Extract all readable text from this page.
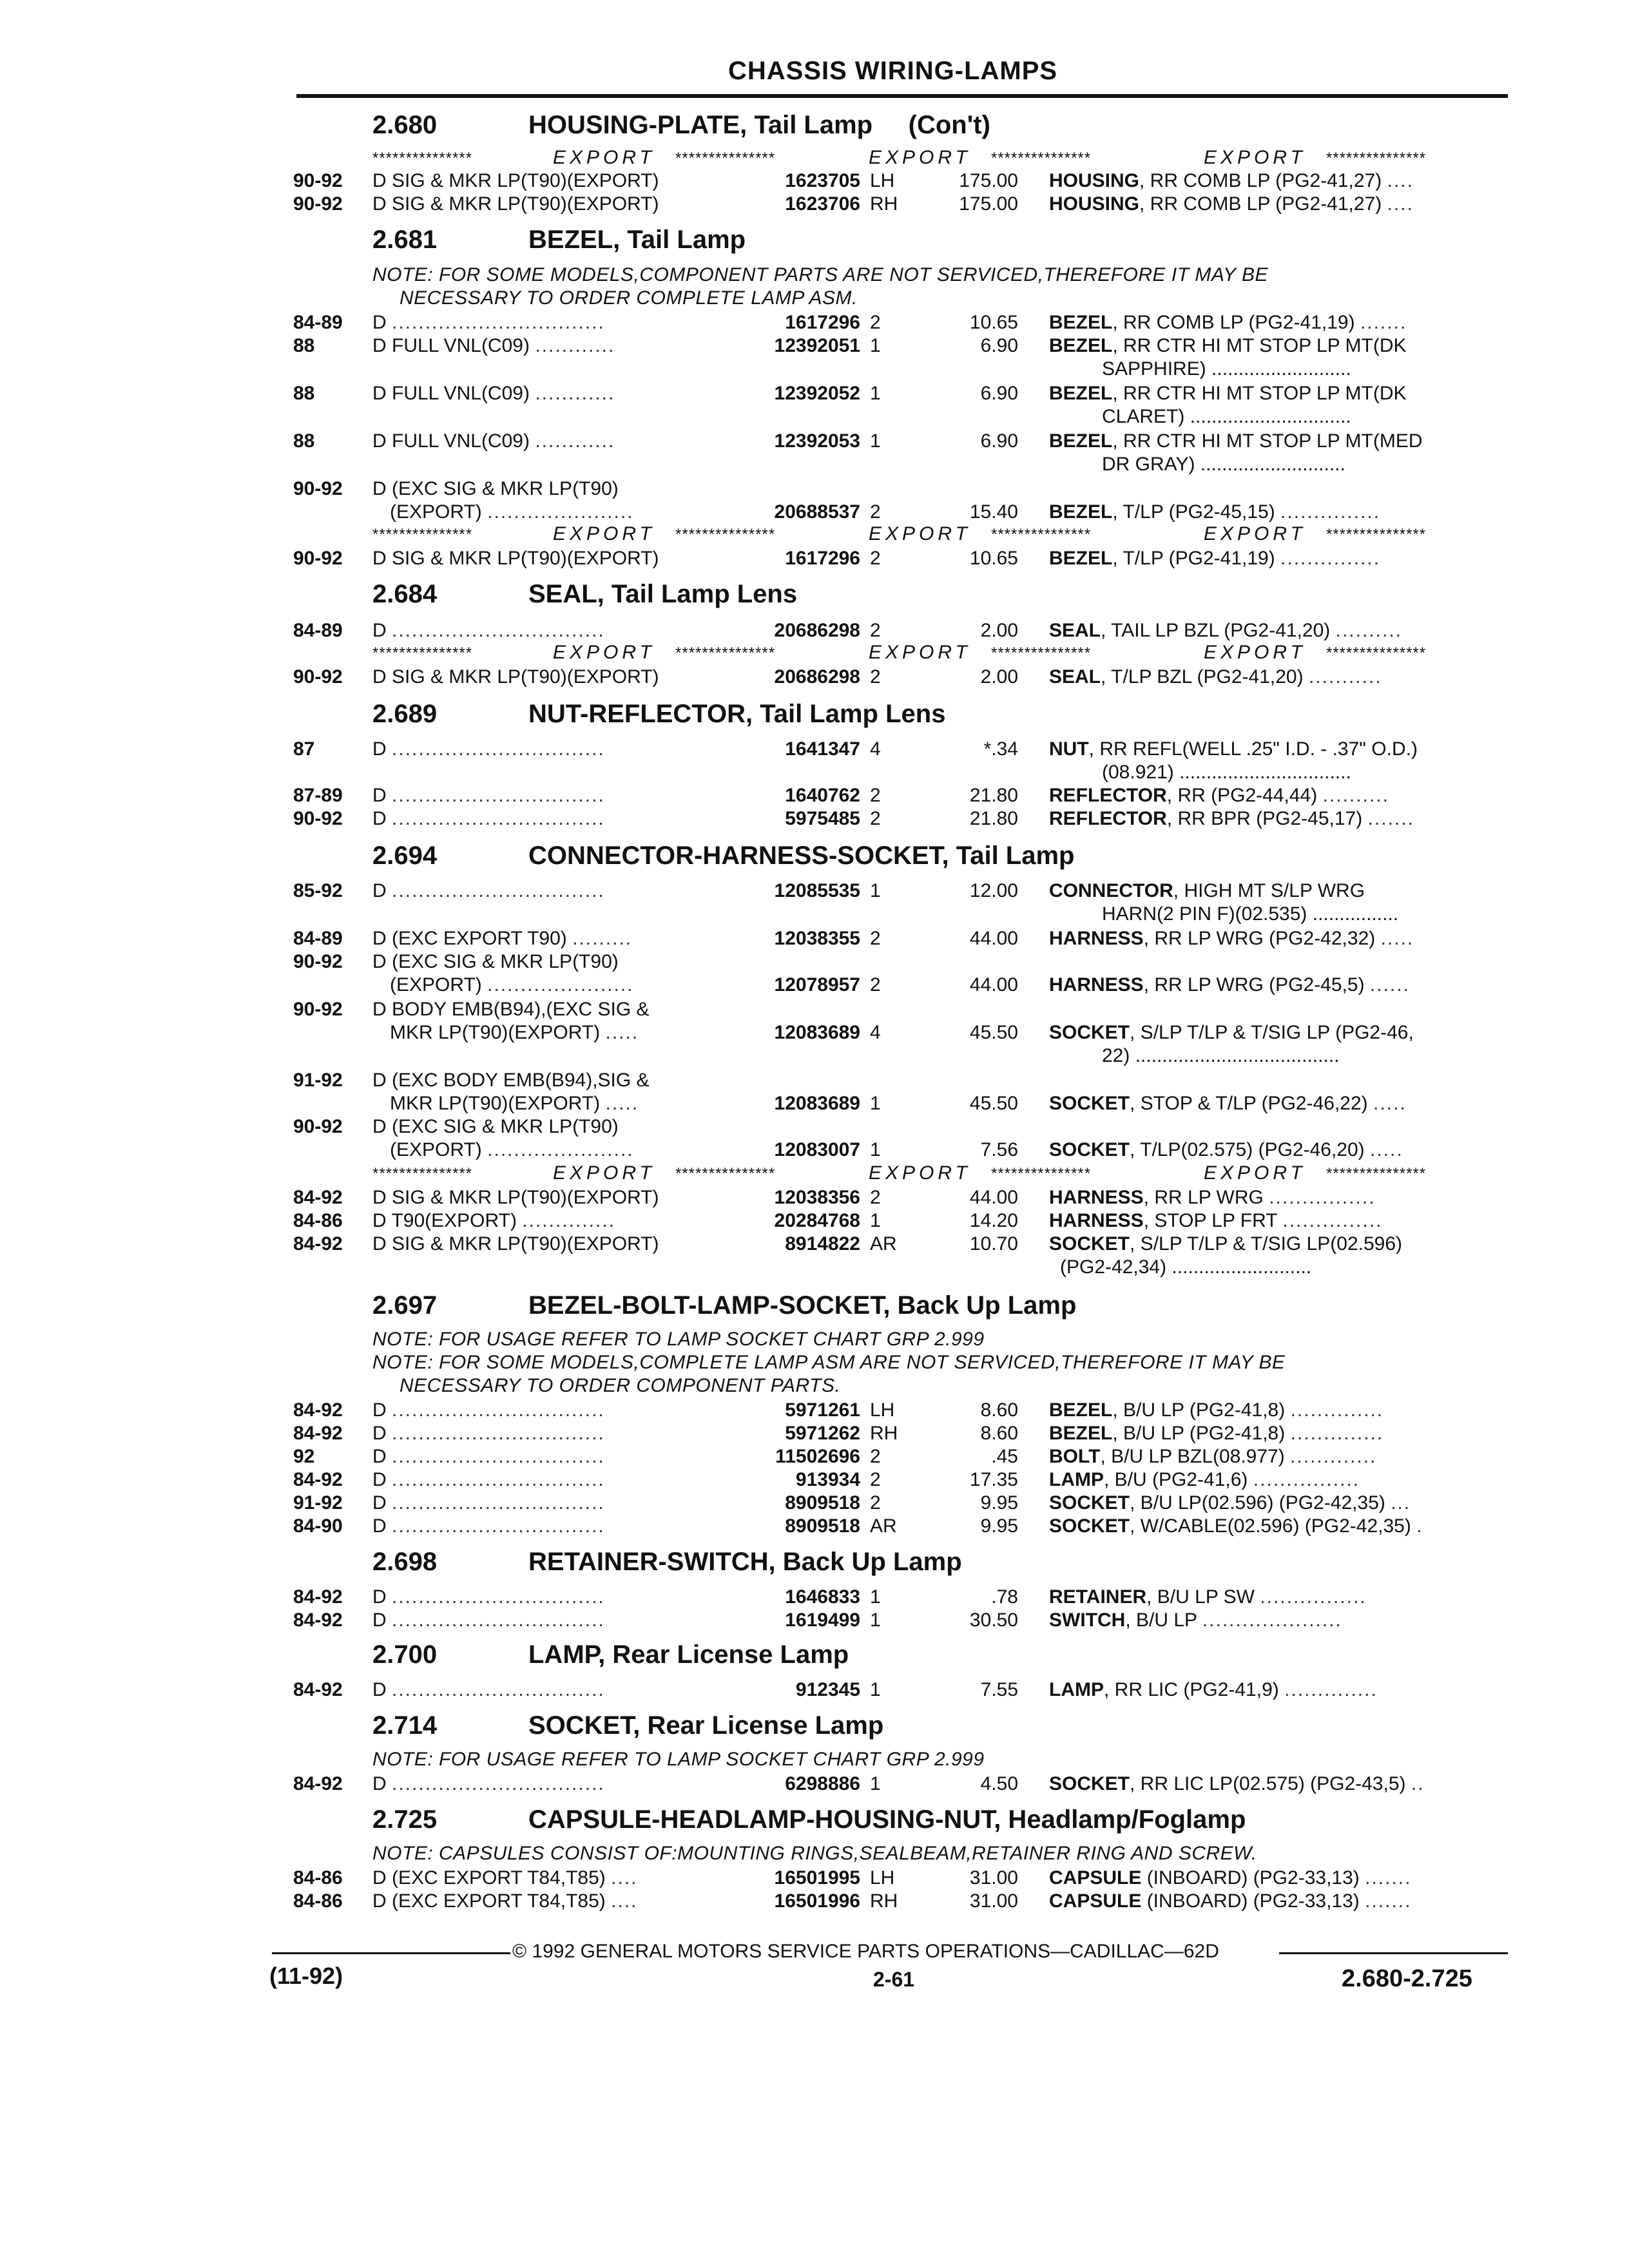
CHASSIS WIRING-LAMPS
2.680	HOUSING-PLATE, Tail Lamp     (Con't)
***************	EXPORT ***************	EXPORT ***************	EXPORT ***************
90-92 D SIG & MKR LP(T90)(EXPORT)	1623705 LH	175.00 HOUSING, RR COMB LP (PG2-41,27) ....
90-92 D SIG & MKR LP(T90)(EXPORT)	1623706 RH	175.00 HOUSING, RR COMB LP (PG2-41,27) ....
2.681	BEZEL, Tail Lamp
NOTE: FOR SOME MODELS,COMPONENT PARTS ARE NOT SERVICED,THEREFORE IT MAY BE
NECESSARY TO ORDER COMPLETE LAMP ASM.
84-89 D ................................	1617296 2	10.65 BEZEL, RR COMB LP (PG2-41,19) .......
88	D FULL VNL(C09) ............	12392051 1	6.90 BEZEL, RR CTR HI MT STOP LP MT(DK
SAPPHIRE) ..........................
88	D FULL VNL(C09) ............	12392052 1	6.90 BEZEL, RR CTR HI MT STOP LP MT(DK
CLARET) ..............................
88	D FULL VNL(C09) ............	12392053 1	6.90 BEZEL, RR CTR HI MT STOP LP MT(MED
DR GRAY) ...........................
90-92 D (EXC SIG & MKR LP(T90)
(EXPORT) ......................	20688537 2	15.40 BEZEL, T/LP (PG2-45,15) ...............
***************	EXPORT ***************	EXPORT ***************	EXPORT ***************
90-92 D SIG & MKR LP(T90)(EXPORT)	1617296 2	10.65 BEZEL, T/LP (PG2-41,19) ...............
2.684	SEAL, Tail Lamp Lens
84-89 D ................................	20686298 2	2.00 SEAL, TAIL LP BZL (PG2-41,20) ..........
***************	EXPORT ***************	EXPORT ***************	EXPORT ***************
90-92 D SIG & MKR LP(T90)(EXPORT)	20686298 2	2.00 SEAL, T/LP BZL (PG2-41,20) ...........
2.689	NUT-REFLECTOR, Tail Lamp Lens
87	D ................................	1641347 4	*.34 NUT, RR REFL(WELL .25" I.D. - .37" O.D.)
(08.921) ................................
87-89 D ................................	1640762 2	21.80 REFLECTOR, RR (PG2-44,44) ..........
90-92 D ................................	5975485 2	21.80 REFLECTOR, RR BPR (PG2-45,17) .......
2.694	CONNECTOR-HARNESS-SOCKET, Tail Lamp
85-92 D ................................	12085535 1	12.00 CONNECTOR, HIGH MT S/LP WRG
HARN(2 PIN F)(02.535) ................
84-89 D (EXC EXPORT T90) .........	12038355 2	44.00 HARNESS, RR LP WRG (PG2-42,32) .....
90-92 D (EXC SIG & MKR LP(T90)
(EXPORT) ......................	12078957 2	44.00 HARNESS, RR LP WRG (PG2-45,5) ......
90-92 D BODY EMB(B94),(EXC SIG &
MKR LP(T90)(EXPORT) .....	12083689 4	45.50 SOCKET, S/LP T/LP & T/SIG LP (PG2-46,
22) ......................................
91-92 D (EXC BODY EMB(B94),SIG &
MKR LP(T90)(EXPORT) .....	12083689 1	45.50 SOCKET, STOP & T/LP (PG2-46,22) .....
90-92 D (EXC SIG & MKR LP(T90)
(EXPORT) ......................	12083007 1	7.56 SOCKET, T/LP(02.575) (PG2-46,20) .....
***************	EXPORT ***************	EXPORT ***************	EXPORT ***************
84-92 D SIG & MKR LP(T90)(EXPORT)	12038356 2	44.00 HARNESS, RR LP WRG ................
84-86 D T90(EXPORT) ..............	20284768 1	14.20 HARNESS, STOP LP FRT ...............
84-92 D SIG & MKR LP(T90)(EXPORT)	8914822 AR	10.70 SOCKET, S/LP T/LP & T/SIG LP(02.596)
(PG2-42,34) ..........................
2.697	BEZEL-BOLT-LAMP-SOCKET, Back Up Lamp
NOTE: FOR USAGE REFER TO LAMP SOCKET CHART GRP 2.999
NOTE: FOR SOME MODELS,COMPLETE LAMP ASM ARE NOT SERVICED,THEREFORE IT MAY BE
NECESSARY TO ORDER COMPONENT PARTS.
84-92 D ................................	5971261 LH	8.60 BEZEL, B/U LP (PG2-41,8) ..............
84-92 D ................................	5971262 RH	8.60 BEZEL, B/U LP (PG2-41,8) ..............
92	D ................................	11502696 2	.45 BOLT, B/U LP BZL(08.977) .............
84-92 D ................................	913934 2	17.35 LAMP, B/U (PG2-41,6) ................
91-92 D ................................	8909518 2	9.95 SOCKET, B/U LP(02.596) (PG2-42,35) ...
84-90 D ................................	8909518 AR	9.95 SOCKET, W/CABLE(02.596) (PG2-42,35) .
2.698	RETAINER-SWITCH, Back Up Lamp
84-92 D ................................	1646833 1	.78 RETAINER, B/U LP SW ................
84-92 D ................................	1619499 1	30.50 SWITCH, B/U LP .....................
2.700	LAMP, Rear License Lamp
84-92 D ................................	912345 1	7.55 LAMP, RR LIC (PG2-41,9) ..............
2.714	SOCKET, Rear License Lamp
NOTE: FOR USAGE REFER TO LAMP SOCKET CHART GRP 2.999
84-92 D ................................	6298886 1	4.50 SOCKET, RR LIC LP(02.575) (PG2-43,5) ..
2.725	CAPSULE-HEADLAMP-HOUSING-NUT, Headlamp/Foglamp
NOTE: CAPSULES CONSIST OF:MOUNTING RINGS,SEALBEAM,RETAINER RING AND SCREW.
84-86 D (EXC EXPORT T84,T85) ....	16501995 LH	31.00 CAPSULE (INBOARD) (PG2-33,13) .......
84-86 D (EXC EXPORT T84,T85) ....	16501996 RH	31.00 CAPSULE (INBOARD) (PG2-33,13) .......
© 1992 GENERAL MOTORS SERVICE PARTS OPERATIONS—CADILLAC—62D
(11-92)	2-61	2.680-2.725
